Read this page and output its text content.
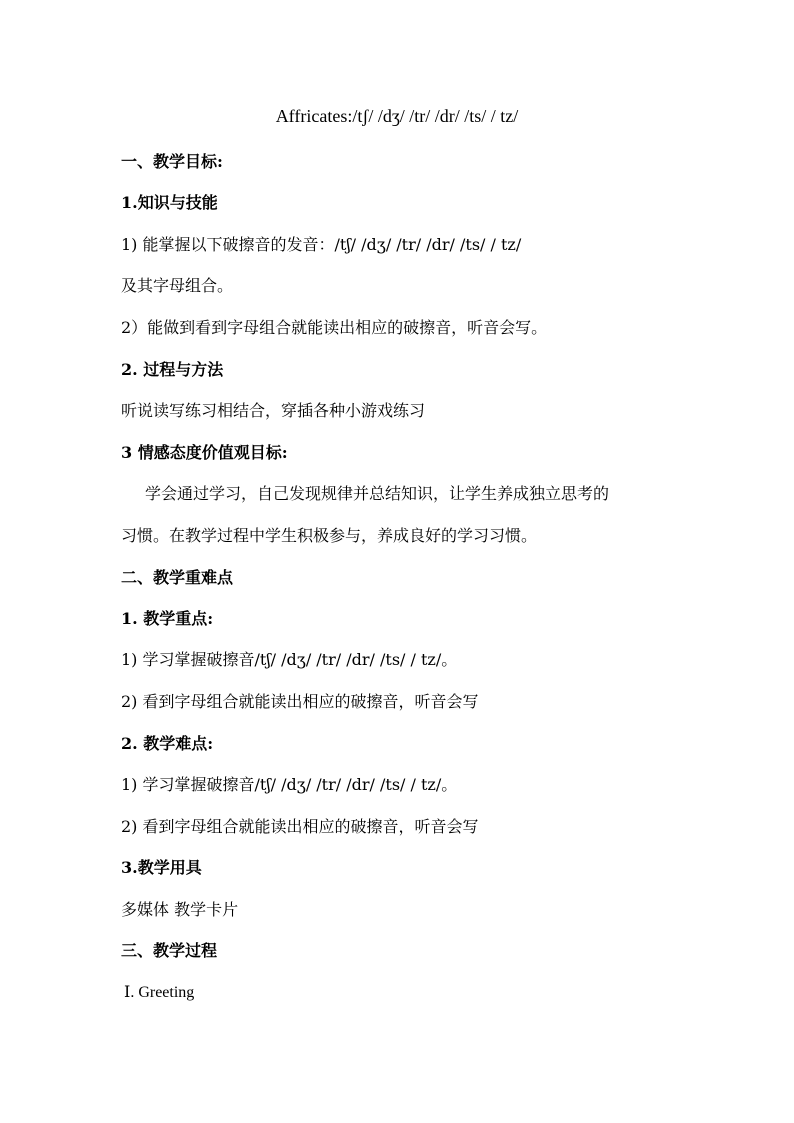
Affricates:/tʃ/ /dʒ/ /tr/ /dr/ /ts/ / tz/
一、教学目标:
1.知识与技能
1) 能掌握以下破擦音的发音：/tʃ/ /dʒ/ /tr/ /dr/ /ts/ / tz/
及其字母组合。
2）能做到看到字母组合就能读出相应的破擦音，听音会写。
2. 过程与方法
听说读写练习相结合，穿插各种小游戏练习
3 情感态度价值观目标:
学会通过学习，自己发现规律并总结知识，让学生养成独立思考的
习惯。在教学过程中学生积极参与，养成良好的学习习惯。
二、教学重难点
1. 教学重点:
1) 学习掌握破擦音/tʃ/ /dʒ/ /tr/ /dr/ /ts/ / tz/。
2) 看到字母组合就能读出相应的破擦音，听音会写
2. 教学难点:
1) 学习掌握破擦音/tʃ/ /dʒ/ /tr/ /dr/ /ts/ / tz/。
2) 看到字母组合就能读出相应的破擦音，听音会写
3.教学用具
多媒体 教学卡片
三、教学过程
Ⅰ. Greeting
